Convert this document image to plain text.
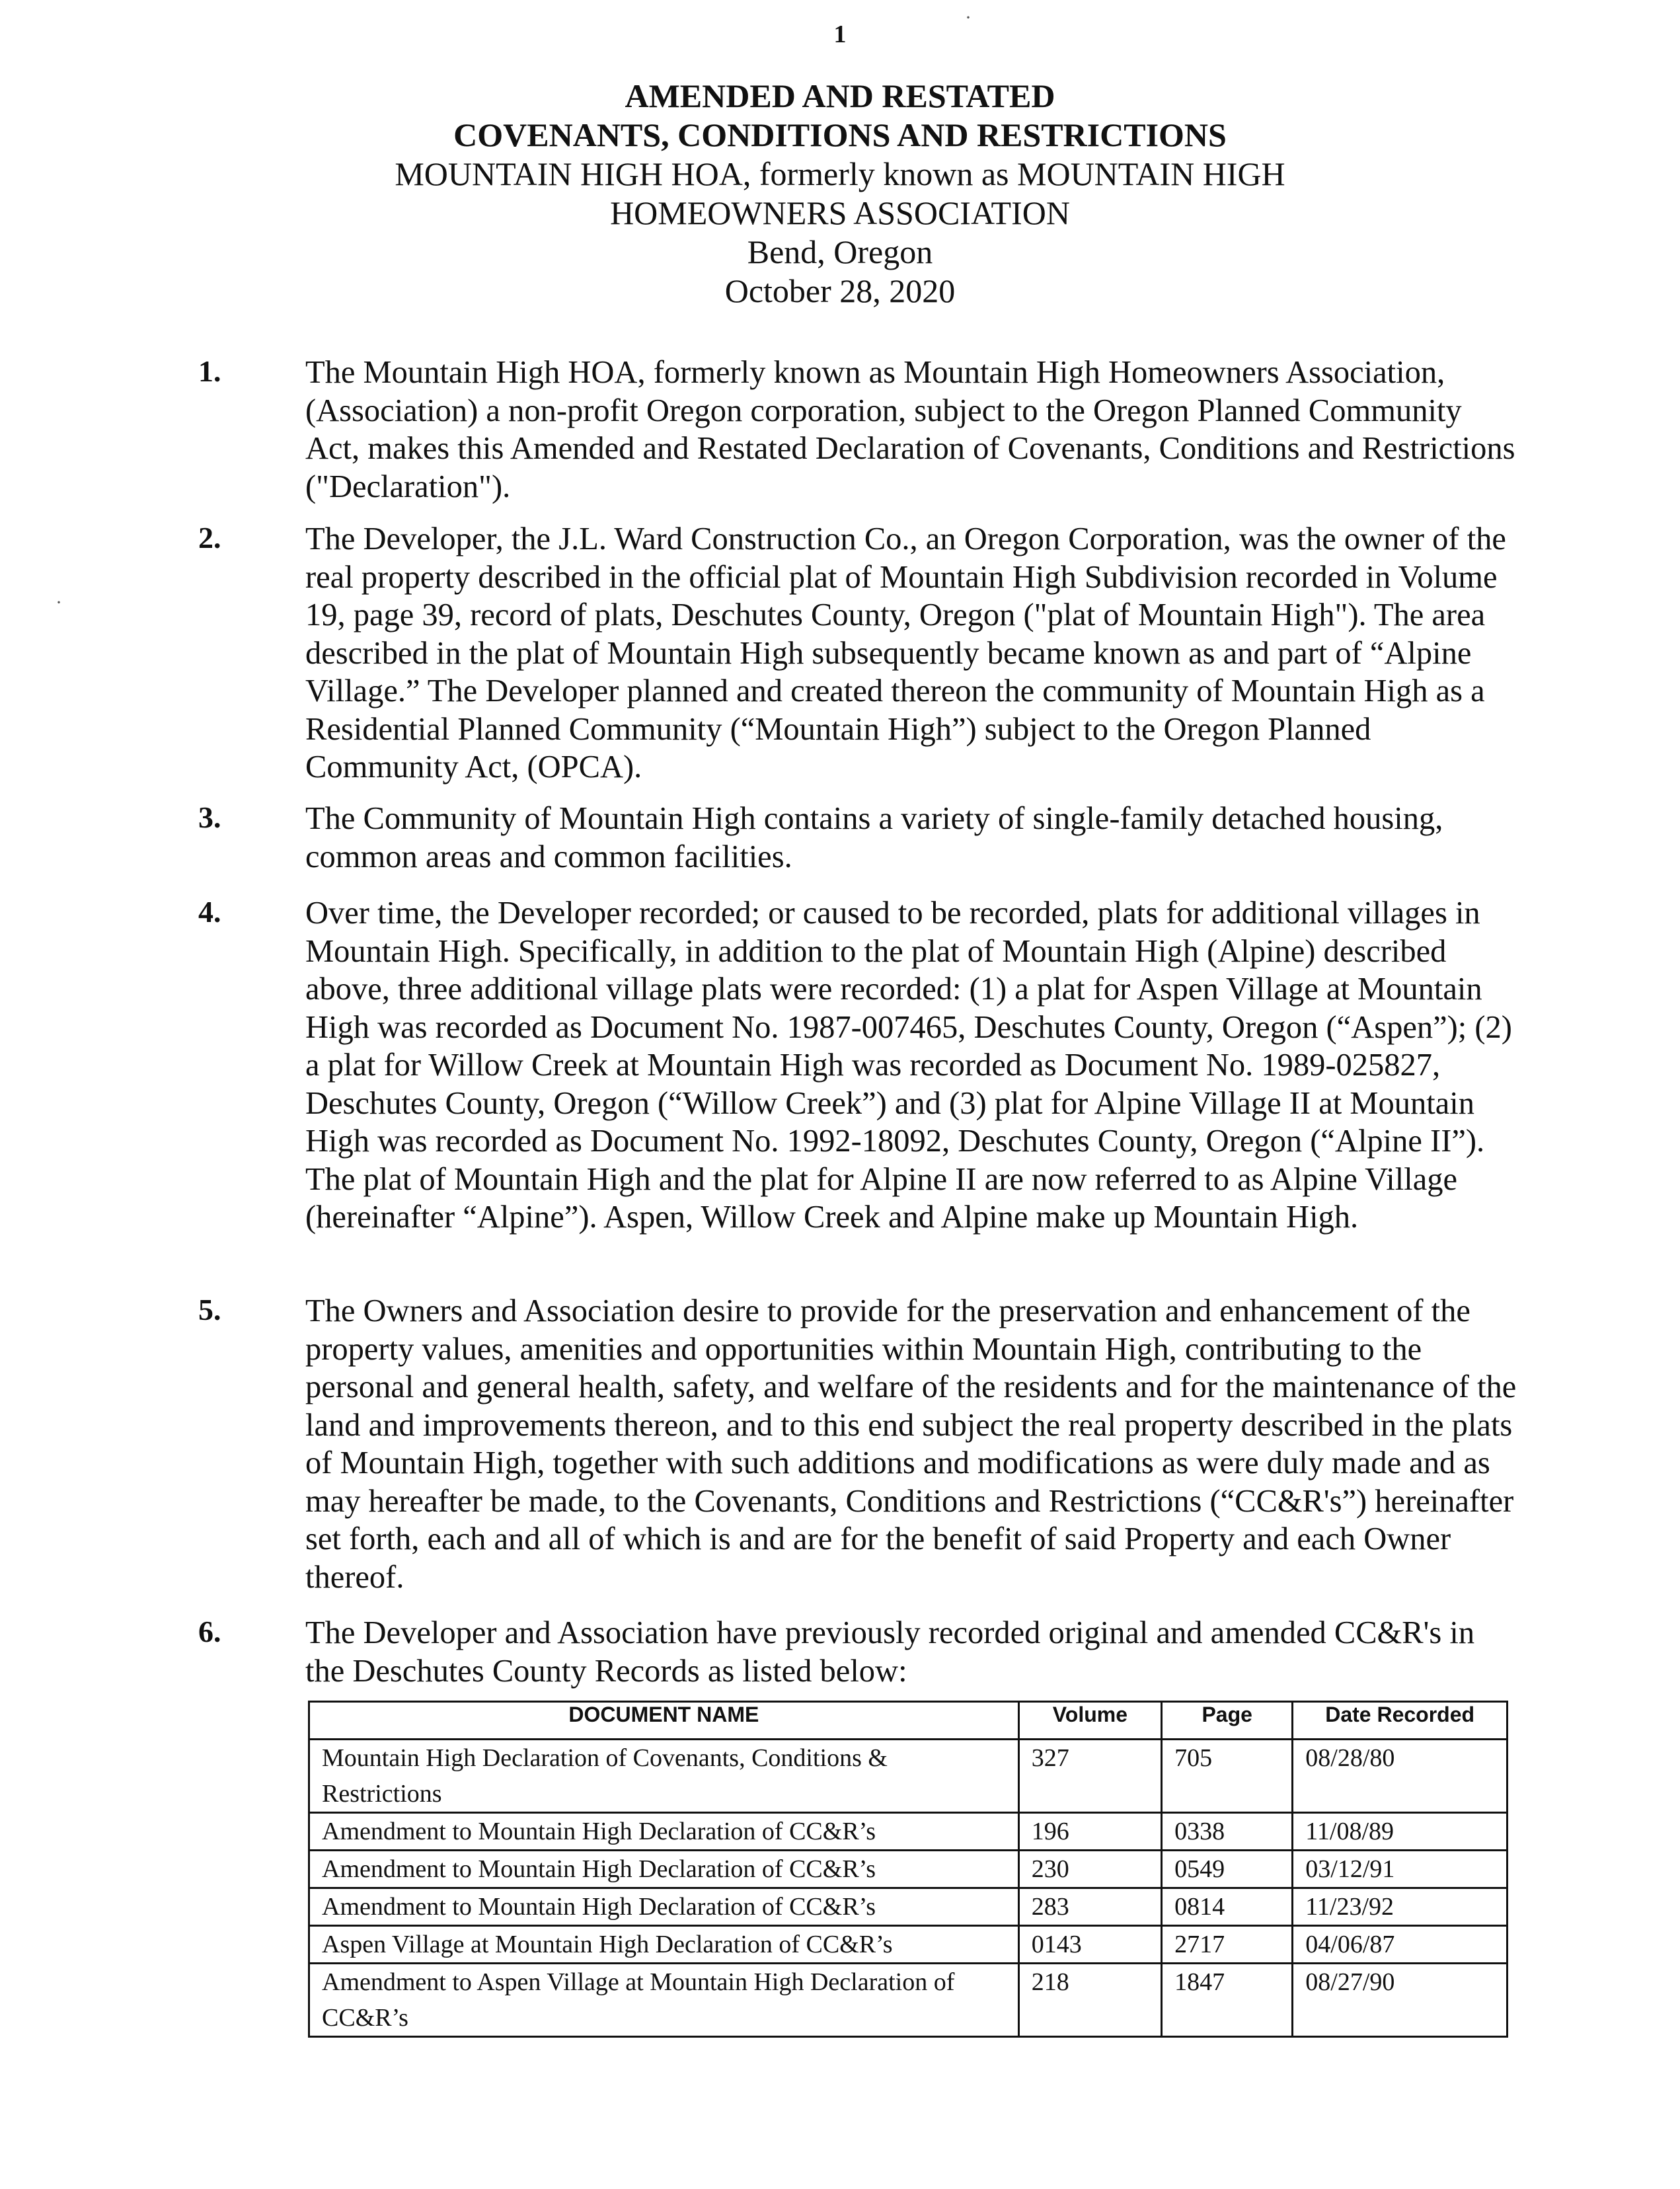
1
AMENDED AND RESTATED
COVENANTS, CONDITIONS AND RESTRICTIONS
MOUNTAIN HIGH HOA, formerly known as MOUNTAIN HIGH
HOMEOWNERS ASSOCIATION
Bend, Oregon
October 28, 2020
1.	The Mountain High HOA, formerly known as Mountain High Homeowners Association, (Association) a non-profit Oregon corporation, subject to the Oregon Planned Community Act, makes this Amended and Restated Declaration of Covenants, Conditions and Restrictions ("Declaration").
2.	The Developer, the J.L. Ward Construction Co., an Oregon Corporation, was the owner of the real property described in the official plat of Mountain High Subdivision recorded in Volume 19, page 39, record of plats, Deschutes County, Oregon ("plat of Mountain High"). The area described in the plat of Mountain High subsequently became known as and part of “Alpine Village.” The Developer planned and created thereon the community of Mountain High as a Residential Planned Community (“Mountain High”) subject to the Oregon Planned Community Act, (OPCA).
3.	The Community of Mountain High contains a variety of single-family detached housing, common areas and common facilities.
4.	Over time, the Developer recorded; or caused to be recorded, plats for additional villages in Mountain High. Specifically, in addition to the plat of Mountain High (Alpine) described above, three additional village plats were recorded: (1) a plat for Aspen Village at Mountain High was recorded as Document No. 1987-007465, Deschutes County, Oregon (“Aspen”); (2) a plat for Willow Creek at Mountain High was recorded as Document No. 1989-025827, Deschutes County, Oregon (“Willow Creek”) and (3) plat for Alpine Village II at Mountain High was recorded as Document No. 1992-18092, Deschutes County, Oregon (“Alpine II”). The plat of Mountain High and the plat for Alpine II are now referred to as Alpine Village (hereinafter “Alpine”). Aspen, Willow Creek and Alpine make up Mountain High.
5.	The Owners and Association desire to provide for the preservation and enhancement of the property values, amenities and opportunities within Mountain High, contributing to the personal and general health, safety, and welfare of the residents and for the maintenance of the land and improvements thereon, and to this end subject the real property described in the plats of Mountain High, together with such additions and modifications as were duly made and as may hereafter be made, to the Covenants, Conditions and Restrictions (“CC&R's”) hereinafter set forth, each and all of which is and are for the benefit of said Property and each Owner thereof.
6.	The Developer and Association have previously recorded original and amended CC&R's in the Deschutes County Records as listed below:
DOCUMENT NAME	Volume	Page	Date Recorded
Mountain High Declaration of Covenants, Conditions & Restrictions	327	705	08/28/80
Amendment to Mountain High Declaration of CC&R’s	196	0338	11/08/89
Amendment to Mountain High Declaration of CC&R’s	230	0549	03/12/91
Amendment to Mountain High Declaration of CC&R’s	283	0814	11/23/92
Aspen Village at Mountain High Declaration of CC&R’s	0143	2717	04/06/87
Amendment to Aspen Village at Mountain High Declaration of CC&R’s	218	1847	08/27/90
·
·
